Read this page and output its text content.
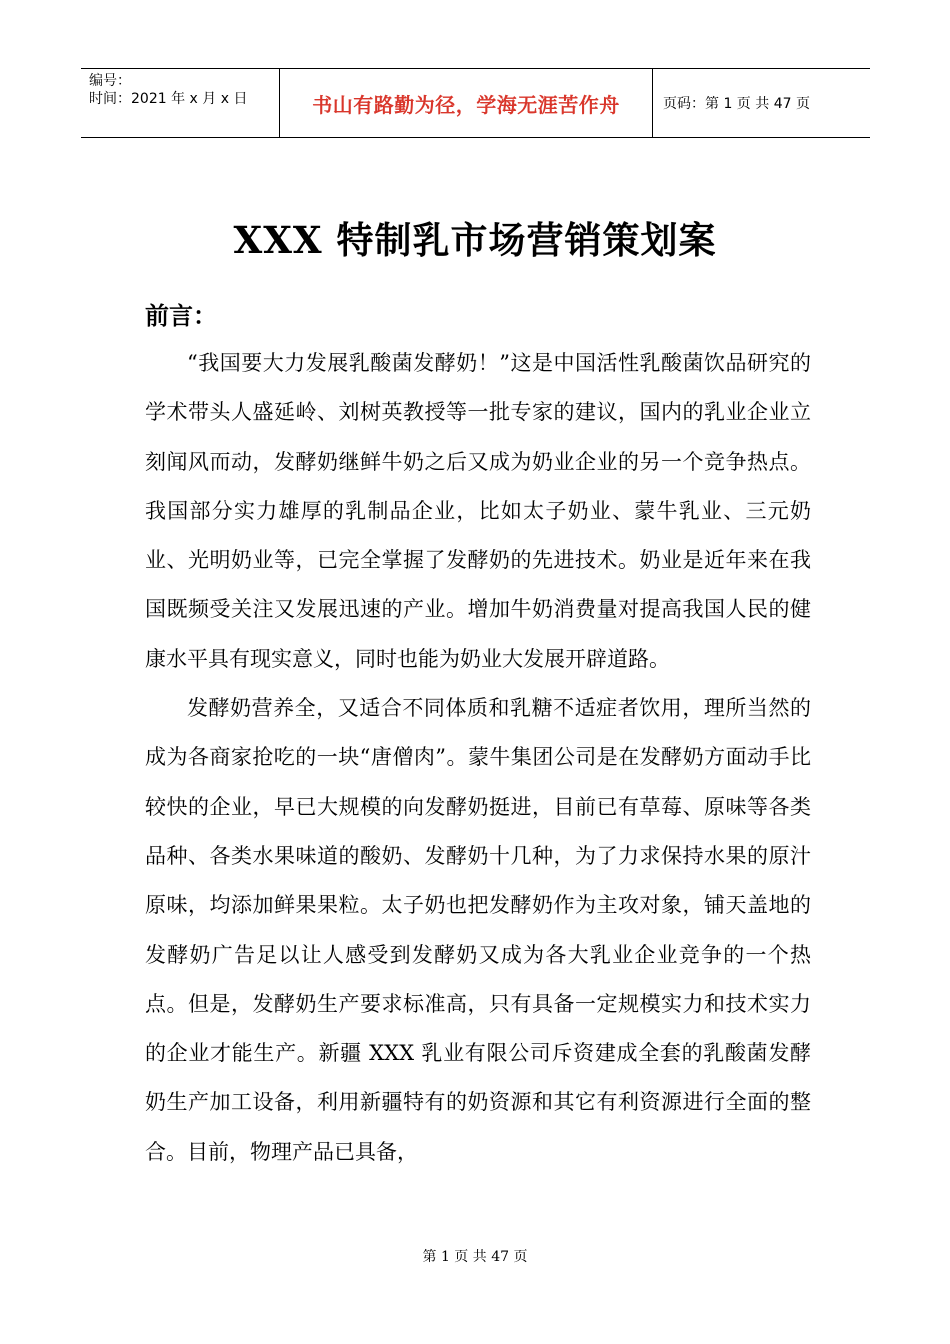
编号：
时间：2021 年 x 月 x 日	书山有路勤为径，学海无涯苦作舟	页码：第 1 页 共 47 页
XXX 特制乳市场营销策划案
前言：

“我国要大力发展乳酸菌发酵奶！”这是中国活性乳酸菌饮品研究的学术带头人盛延岭、刘树英教授等一批专家的建议，国内的乳业企业立刻闻风而动，发酵奶继鲜牛奶之后又成为奶业企业的另一个竞争热点。我国部分实力雄厚的乳制品企业，比如太子奶业、蒙牛乳业、三元奶业、光明奶业等，已完全掌握了发酵奶的先进技术。奶业是近年来在我国既频受关注又发展迅速的产业。增加牛奶消费量对提高我国人民的健康水平具有现实意义，同时也能为奶业大发展开辟道路。

发酵奶营养全，又适合不同体质和乳糖不适症者饮用，理所当然的成为各商家抢吃的一块“唐僧肉”。蒙牛集团公司是在发酵奶方面动手比较快的企业，早已大规模的向发酵奶挺进，目前已有草莓、原味等各类品种、各类水果味道的酸奶、发酵奶十几种，为了力求保持水果的原汁原味，均添加鲜果果粒。太子奶也把发酵奶作为主攻对象，铺天盖地的发酵奶广告足以让人感受到发酵奶又成为各大乳业企业竞争的一个热点。但是，发酵奶生产要求标准高，只有具备一定规模实力和技术实力的企业才能生产。新疆 XXX 乳业有限公司斥资建成全套的乳酸菌发酵奶生产加工设备，利用新疆特有的奶资源和其它有利资源进行全面的整合。目前，物理产品已具备，

第 1 页 共 47 页
